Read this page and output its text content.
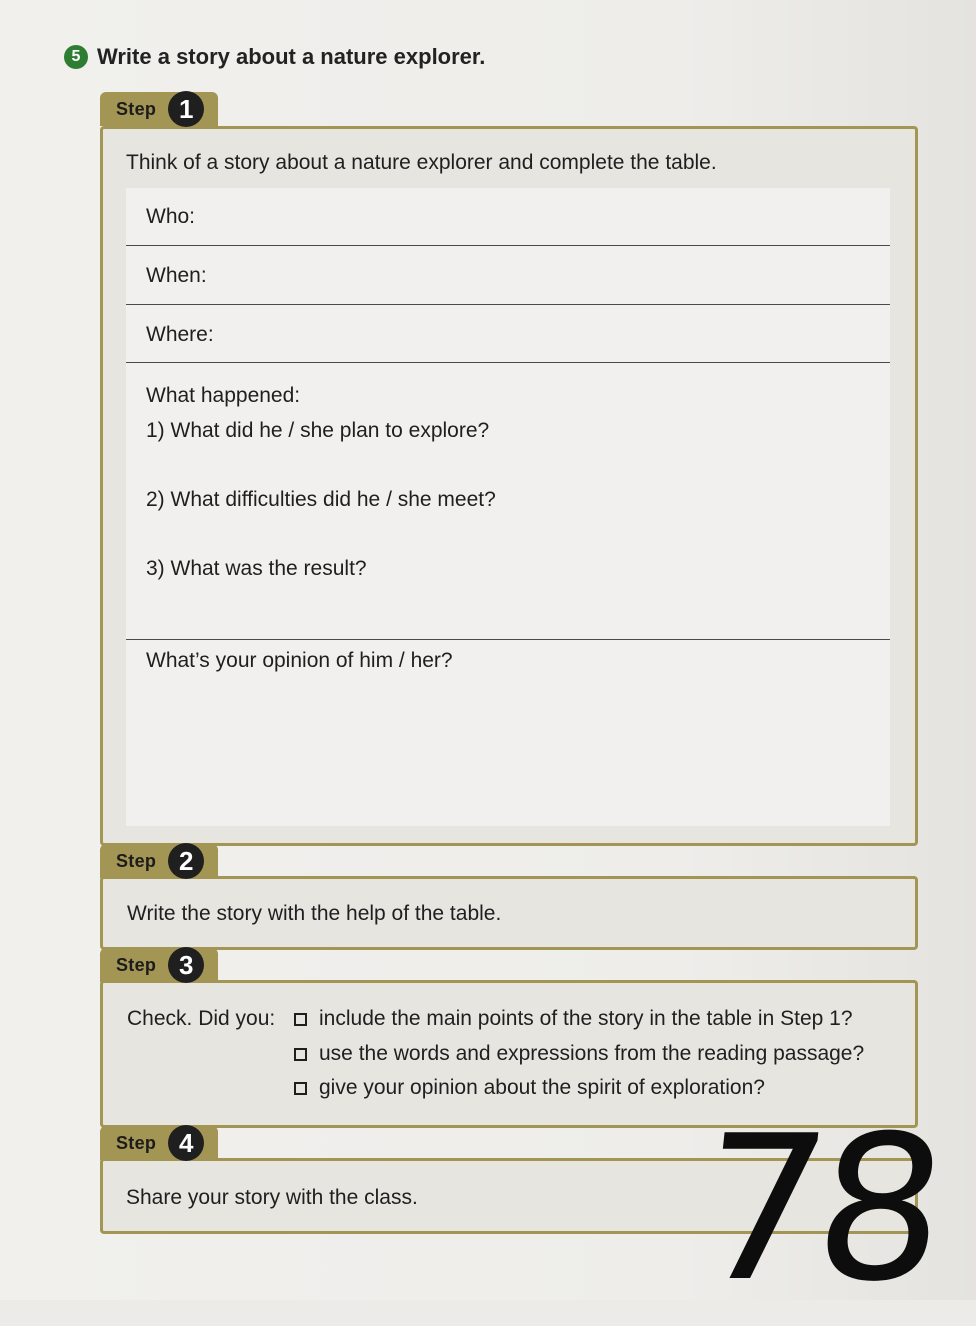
5 Write a story about a nature explorer.
Step 1
Think of a story about a nature explorer and complete the table.
Who:
When:
Where:
What happened:
1) What did he / she plan to explore?
2) What difficulties did he / she meet?
3) What was the result?
What’s your opinion of him / her?
Step 2
Write the story with the help of the table.
Step 3
Check. Did you: include the main points of the story in the table in Step 1?
use the words and expressions from the reading passage?
give your opinion about the spirit of exploration?
Step 4
Share your story with the class. 78
